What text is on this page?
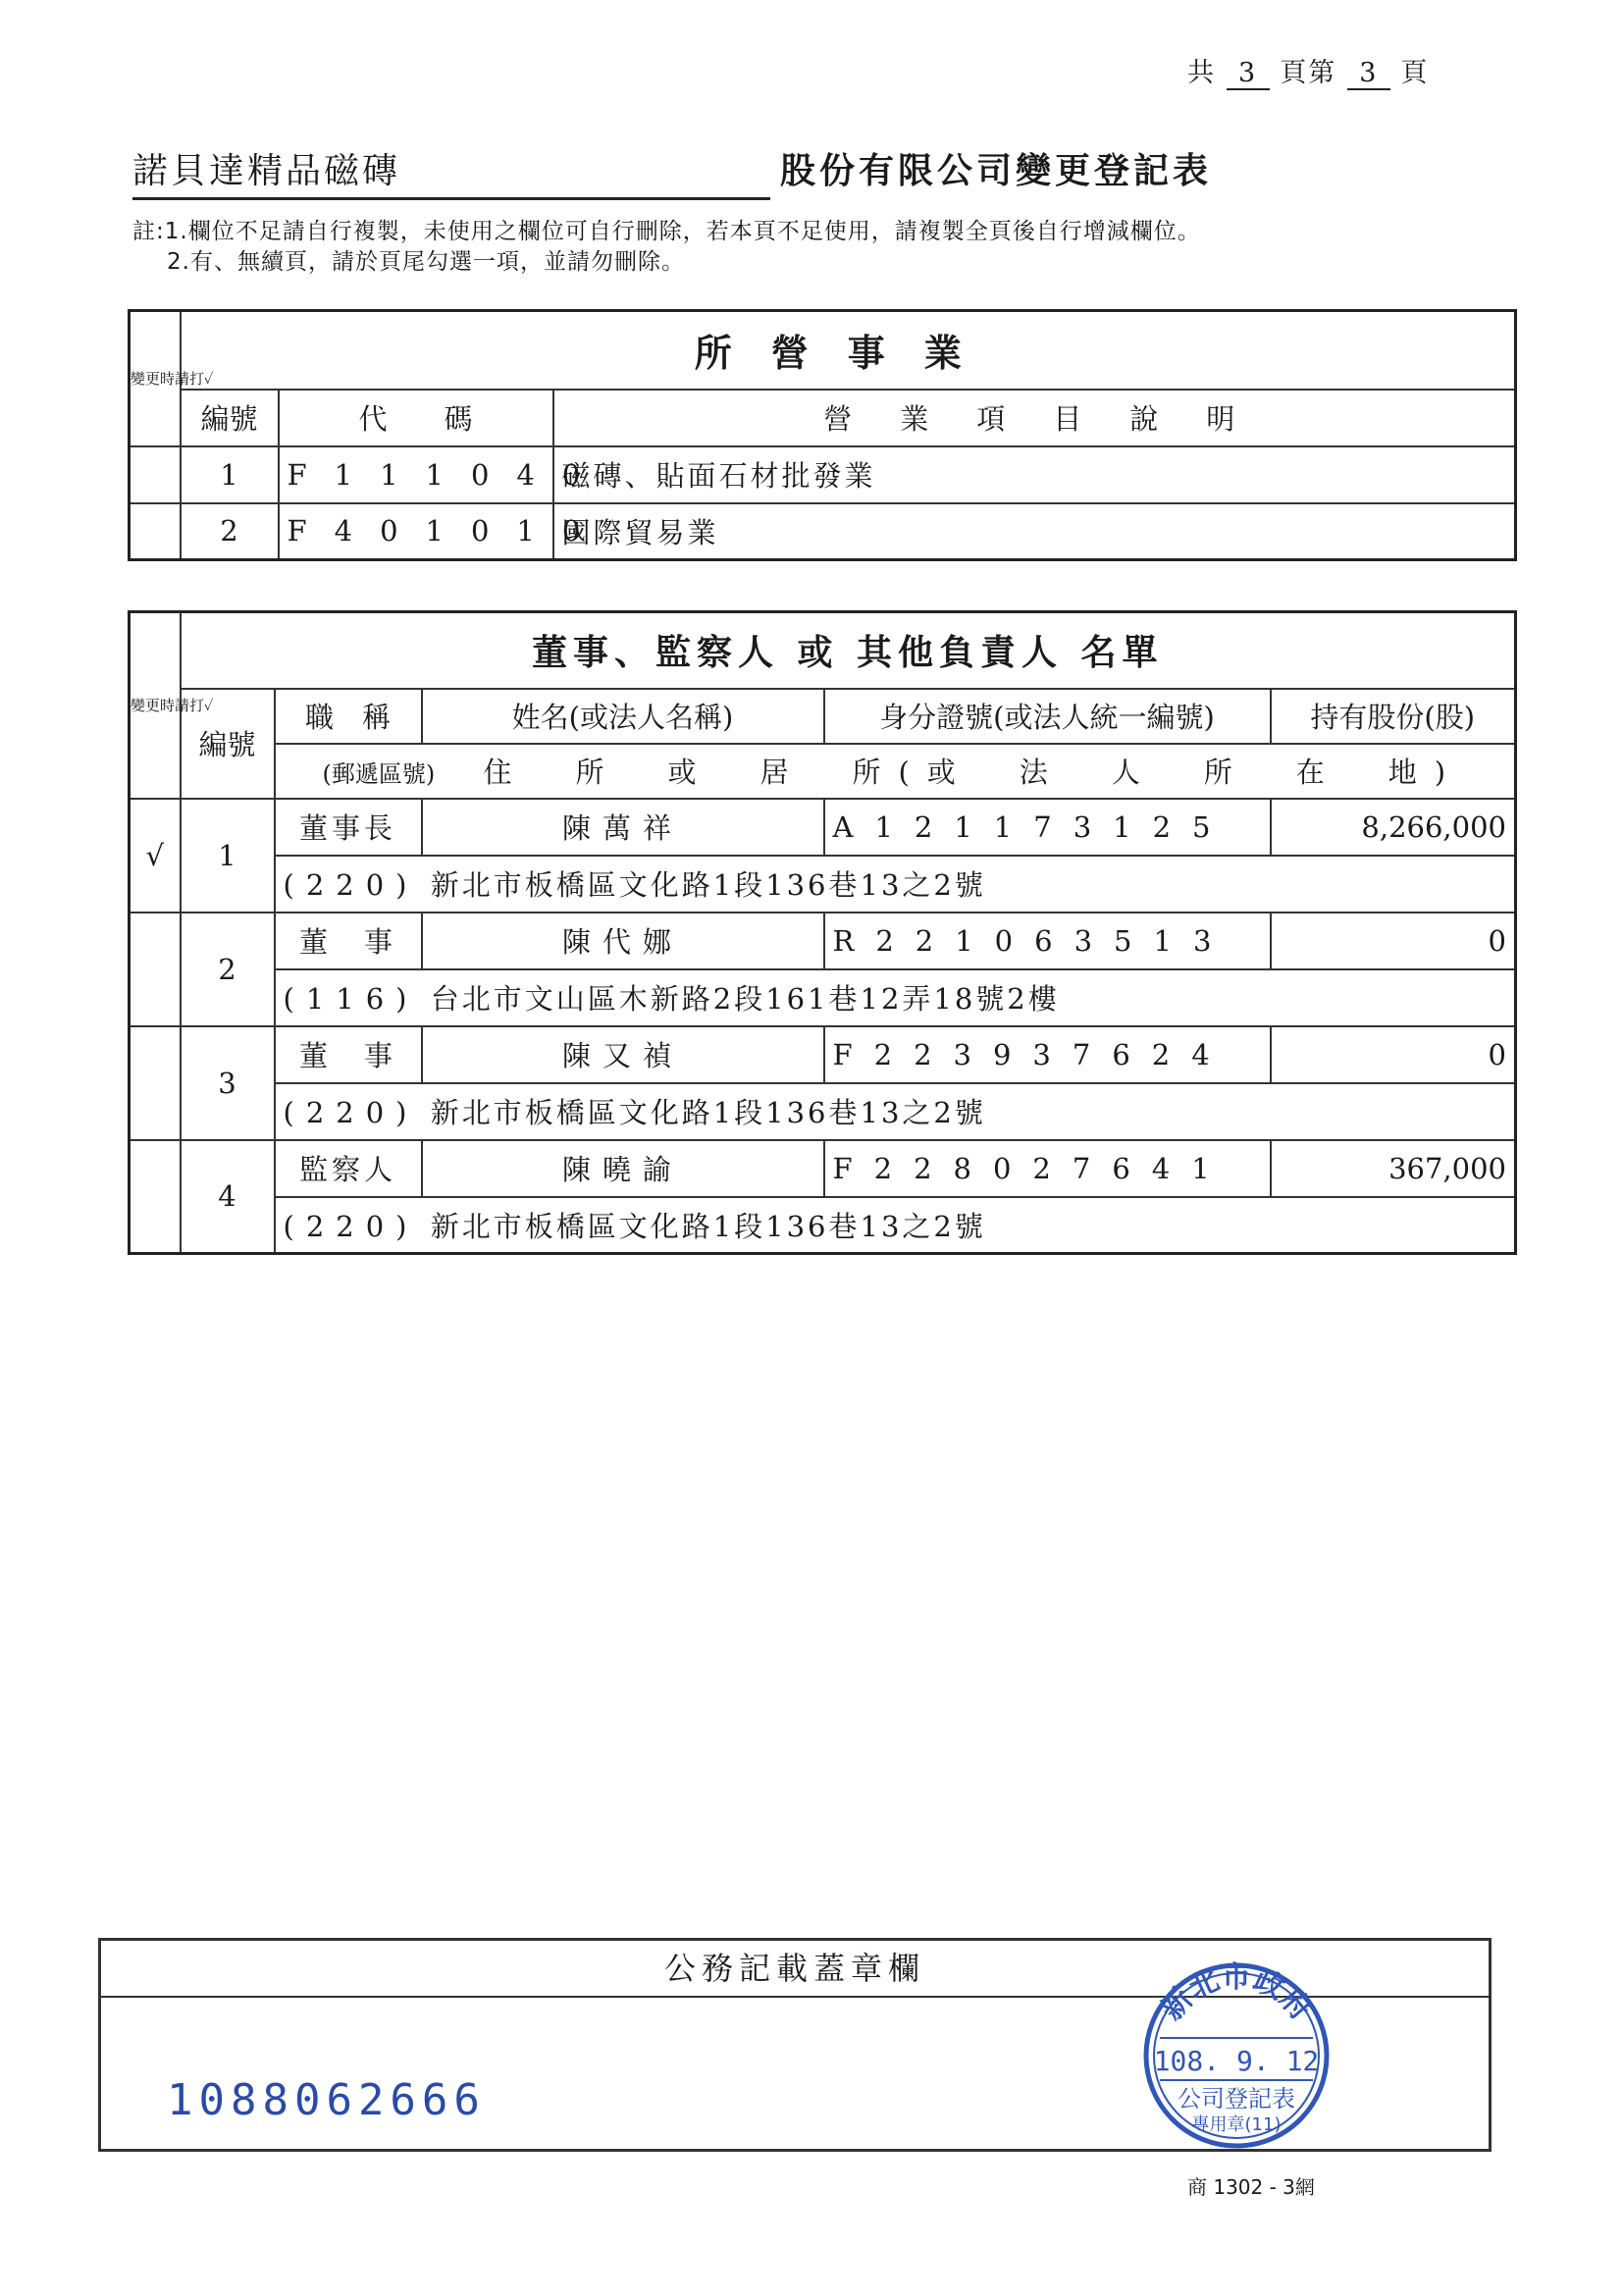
共 3 頁第 3 頁
諾貝達精品磁磚	股份有限公司變更登記表
註:1.欄位不足請自行複製，未使用之欄位可自行刪除，若本頁不足使用，請複製全頁後自行增減欄位。
2.有、無續頁，請於頁尾勾選一項，並請勿刪除。
變更時請打✓	所營事業		
	編號	代　　碼	營　業　項　目　說　明
	1	F111040	磁磚、貼面石材批發業
	2	F401010	國際貿易業
變更時請打✓	董事、監察人 或 其他負責人 名單				
	編號	職　稱	姓名(或法人名稱)	身分證號(或法人統一編號)	持有股份(股)
		(郵遞區號) 住　所　或　居　所(或　法　人　所　在　地)			
√	1	董事長	陳萬祥	A121173125	8,266,000
		(220) 新北市板橋區文化路1段136巷13之2號			
	2	董　事	陳代娜	R221063513	0
		(116) 台北市文山區木新路2段161巷12弄18號2樓			
	3	董　事	陳又禎	F223937624	0
		(220) 新北市板橋區文化路1段136巷13之2號			
	4	監察人	陳曉諭	F228027641	367,000
		(220) 新北市板橋區文化路1段136巷13之2號			
公務記載蓋章欄
1088062666
新北市政府
108. 9. 12
公司登記表
專用章(11)
商 1302 - 3網
